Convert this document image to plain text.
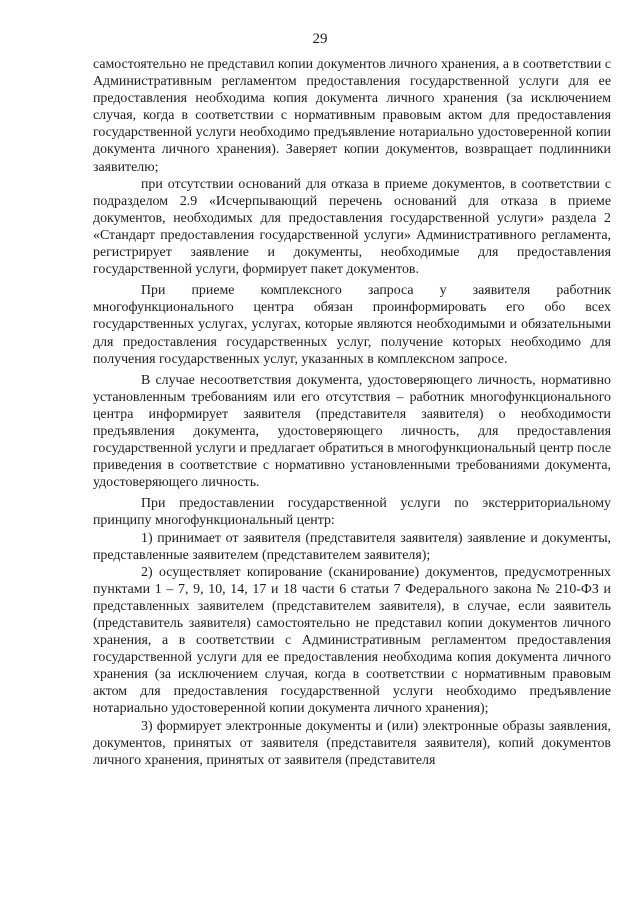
29

самостоятельно не представил копии документов личного хранения, а в соответствии с Административным регламентом предоставления государственной услуги для ее предоставления необходима копия документа личного хранения (за исключением случая, когда в соответствии с нормативным правовым актом для предоставления государственной услуги необходимо предъявление нотариально удостоверенной копии документа личного хранения). Заверяет копии документов, возвращает подлинники заявителю;

при отсутствии оснований для отказа в приеме документов, в соответствии с подразделом 2.9 «Исчерпывающий перечень оснований для отказа в приеме документов, необходимых для предоставления государственной услуги» раздела 2 «Стандарт предоставления государственной услуги» Административного регламента, регистрирует заявление и документы, необходимые для предоставления государственной услуги, формирует пакет документов.

При приеме комплексного запроса у заявителя работник многофункционального центра обязан проинформировать его обо всех государственных услугах, услугах, которые являются необходимыми и обязательными для предоставления государственных услуг, получение которых необходимо для получения государственных услуг, указанных в комплексном запросе.

В случае несоответствия документа, удостоверяющего личность, нормативно установленным требованиям или его отсутствия – работник многофункционального центра информирует заявителя (представителя заявителя) о необходимости предъявления документа, удостоверяющего личность, для предоставления государственной услуги и предлагает обратиться в многофункциональный центр после приведения в соответствие с нормативно установленными требованиями документа, удостоверяющего личность.

При предоставлении государственной услуги по экстерриториальному принципу многофункциональный центр:

1) принимает от заявителя (представителя заявителя) заявление и документы, представленные заявителем (представителем заявителя);

2) осуществляет копирование (сканирование) документов, предусмотренных пунктами 1 – 7, 9, 10, 14, 17 и 18 части 6 статьи 7 Федерального закона № 210-ФЗ и представленных заявителем (представителем заявителя), в случае, если заявитель (представитель заявителя) самостоятельно не представил копии документов личного хранения, а в соответствии с Административным регламентом предоставления государственной услуги для ее предоставления необходима копия документа личного хранения (за исключением случая, когда в соответствии с нормативным правовым актом для предоставления государственной услуги необходимо предъявление нотариально удостоверенной копии документа личного хранения);

3) формирует электронные документы и (или) электронные образы заявления, документов, принятых от заявителя (представителя заявителя), копий документов личного хранения, принятых от заявителя (представителя
